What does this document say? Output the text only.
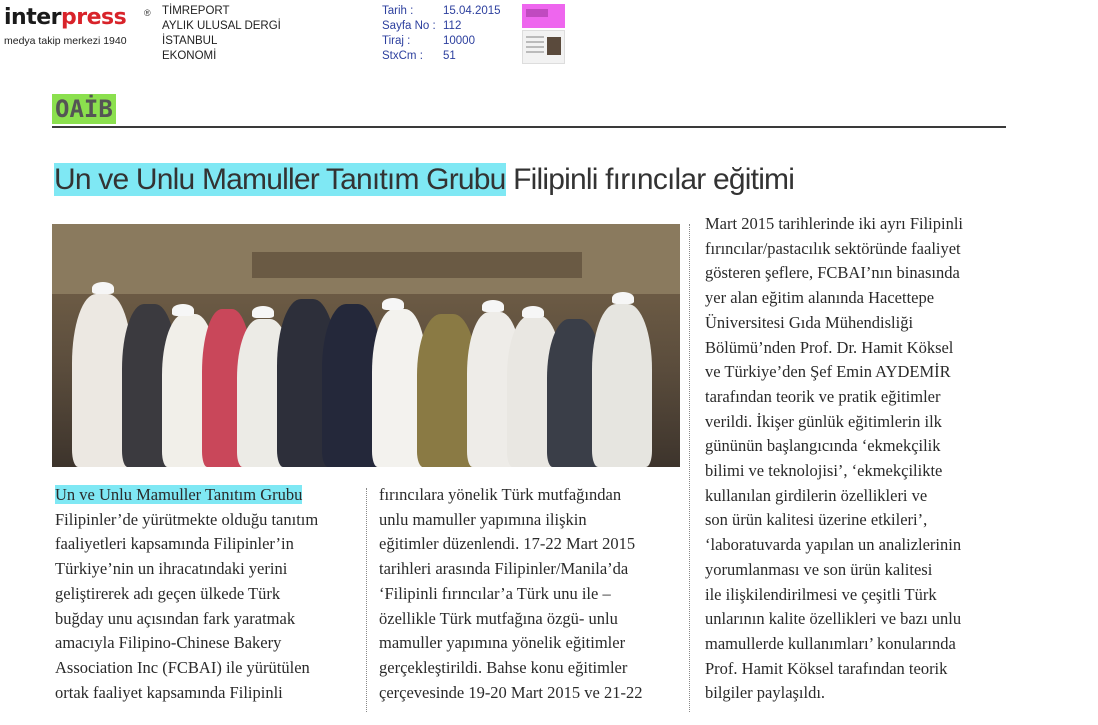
interpress ®
medya takip merkezi 1940
TİMREPORT
AYLIK ULUSAL DERGİ
İSTANBUL
EKONOMİ
Tarih :	15.04.2015
Sayfa No : 112
Tiraj :	10000
StxCm :	51
OAİB
Un ve Unlu Mamuller Tanıtım Grubu Filipinli fırıncılar eğitimi
Un ve Unlu Mamuller Tanıtım Grubu
Filipinler’de yürütmekte olduğu tanıtım
faaliyetleri kapsamında Filipinler’in
Türkiye’nin un ihracatındaki yerini
geliştirerek adı geçen ülkede Türk
buğday unu açısından fark yaratmak
amacıyla Filipino-Chinese Bakery
Association Inc (FCBAI) ile yürütülen
ortak faaliyet kapsamında Filipinli
fırıncılara yönelik Türk mutfağından
unlu mamuller yapımına ilişkin
eğitimler düzenlendi. 17-22 Mart 2015
tarihleri arasında Filipinler/Manila’da
‘Filipinli fırıncılar’a Türk unu ile –
özellikle Türk mutfağına özgü- unlu
mamuller yapımına yönelik eğitimler
gerçekleştirildi. Bahse konu eğitimler
çerçevesinde 19-20 Mart 2015 ve 21-22
Mart 2015 tarihlerinde iki ayrı Filipinli
fırıncılar/pastacılık sektöründe faaliyet
gösteren şeflere, FCBAI’nın binasında
yer alan eğitim alanında Hacettepe
Üniversitesi Gıda Mühendisliği
Bölümü’nden Prof. Dr. Hamit Köksel
ve Türkiye’den Şef Emin AYDEMİR
tarafından teorik ve pratik eğitimler
verildi. İkişer günlük eğitimlerin ilk
gününün başlangıcında ‘ekmekçilik
bilimi ve teknolojisi’, ‘ekmekçilikte
kullanılan girdilerin özellikleri ve
son ürün kalitesi üzerine etkileri’,
‘laboratuvarda yapılan un analizlerinin
yorumlanması ve son ürün kalitesi
ile ilişkilendirilmesi ve çeşitli Türk
unlarının kalite özellikleri ve bazı unlu
mamullerde kullanımları’ konularında
Prof. Hamit Köksel tarafından teorik
bilgiler paylaşıldı.
